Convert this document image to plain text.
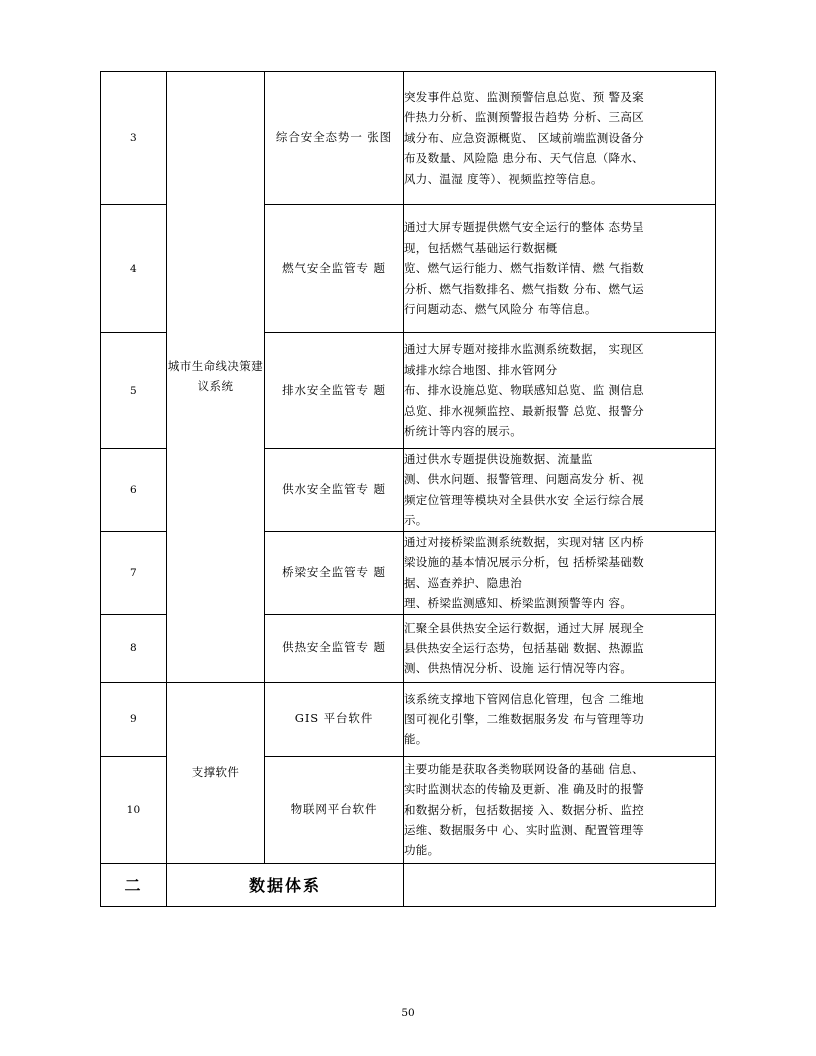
3	城市生命线决策建议系统	综合安全态势一 张图	突发事件总览、监测预警信息总览、预 警及案

件热力分析、监测预警报告趋势 分析、三高区

域分布、应急资源概览、 区域前端监测设备分

布及数量、风险隐 患分布、天气信息（降水、

风力、温湿 度等）、视频监控等信息。

4		燃气安全监管专 题	通过大屏专题提供燃气安全运行的整体 态势呈

现，包括燃气基础运行数据概

览、燃气运行能力、燃气指数详情、燃 气指数

分析、燃气指数排名、燃气指数 分布、燃气运

行问题动态、燃气风险分 布等信息。

5		排水安全监管专 题	通过大屏专题对接排水监测系统数据， 实现区

域排水综合地图、排水管网分

布、排水设施总览、物联感知总览、监 测信息

总览、排水视频监控、最新报警 总览、报警分

析统计等内容的展示。

6		供水安全监管专 题	通过供水专题提供设施数据、流量监

测、供水问题、报警管理、问题高发分 析、视

频定位管理等模块对全县供水安 全运行综合展

示。

7		桥梁安全监管专 题	通过对接桥梁监测系统数据，实现对辖 区内桥

梁设施的基本情况展示分析，包 括桥梁基础数

据、巡查养护、隐患治

理、桥梁监测感知、桥梁监测预警等内 容。

8		供热安全监管专 题	汇聚全县供热安全运行数据，通过大屏 展现全

县供热安全运行态势，包括基础 数据、热源监

测、供热情况分析、设施 运行情况等内容。

9	支撑软件	GIS 平台软件	该系统支撑地下管网信息化管理，包含 二维地

图可视化引擎，二维数据服务发 布与管理等功

能。

10		物联网平台软件	主要功能是获取各类物联网设备的基础 信息、

实时监测状态的传输及更新、准 确及时的报警

和数据分析，包括数据接 入、数据分析、监控

运维、数据服务中 心、实时监测、配置管理等

功能。

二	数据体系		
50
